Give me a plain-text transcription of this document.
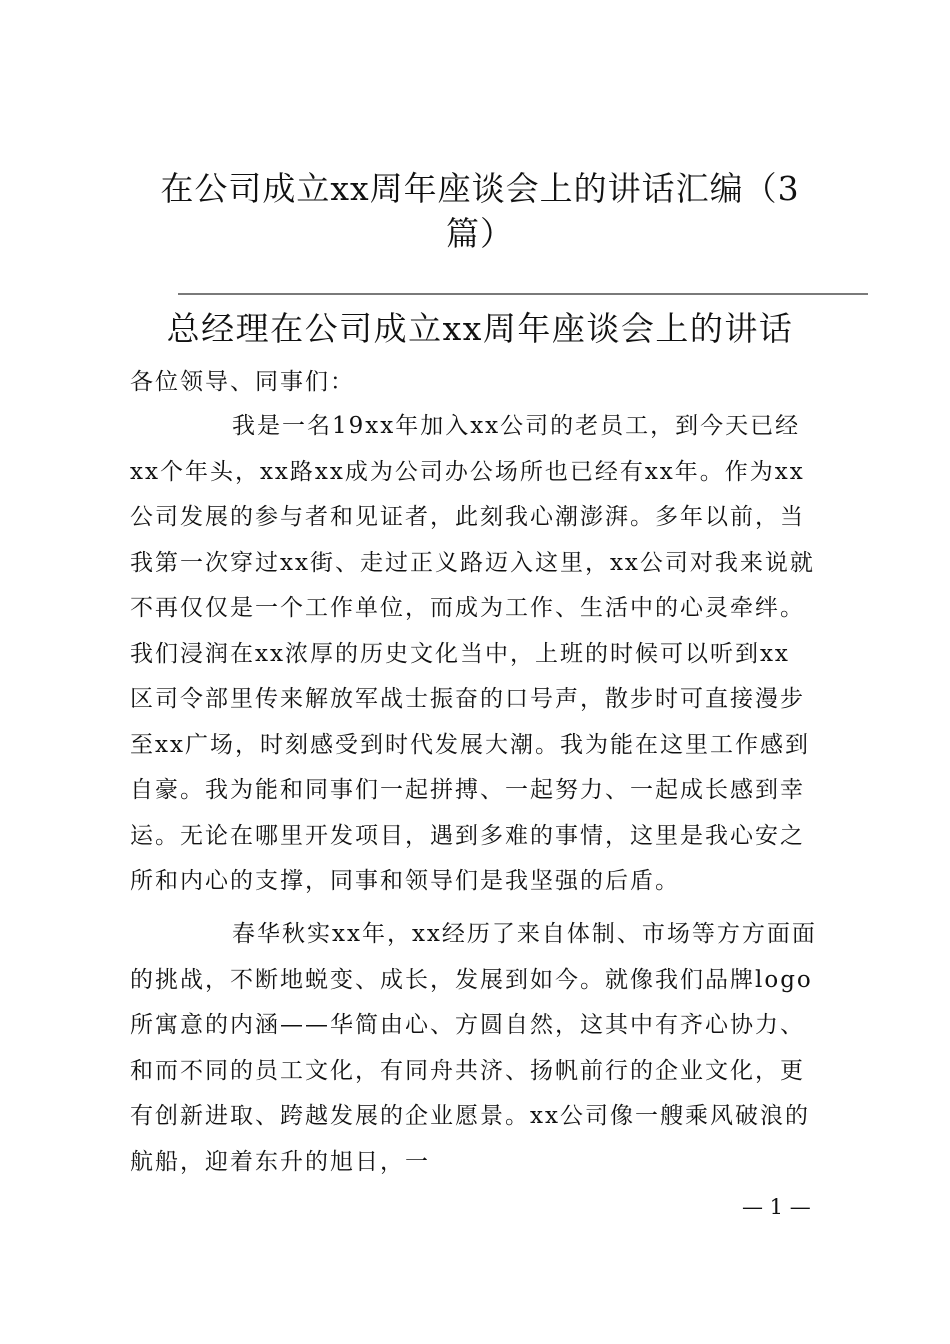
在公司成立xx周年座谈会上的讲话汇编（3
篇）
总经理在公司成立xx周年座谈会上的讲话
各位领导、同事们：
我是一名19xx年加入xx公司的老员工，到今天已经
xx个年头，xx路xx成为公司办公场所也已经有xx年。作为xx
公司发展的参与者和见证者，此刻我心潮澎湃。多年以前，当
我第一次穿过xx街、走过正义路迈入这里，xx公司对我来说就
不再仅仅是一个工作单位，而成为工作、生活中的心灵牵绊。
我们浸润在xx浓厚的历史文化当中，上班的时候可以听到xx
区司令部里传来解放军战士振奋的口号声，散步时可直接漫步
至xx广场，时刻感受到时代发展大潮。我为能在这里工作感到
自豪。我为能和同事们一起拼搏、一起努力、一起成长感到幸
运。无论在哪里开发项目，遇到多难的事情，这里是我心安之
所和内心的支撑，同事和领导们是我坚强的后盾。
春华秋实xx年，xx经历了来自体制、市场等方方面面
的挑战，不断地蜕变、成长，发展到如今。就像我们品牌logo
所寓意的内涵——华简由心、方圆自然，这其中有齐心协力、
和而不同的员工文化，有同舟共济、扬帆前行的企业文化，更
有创新进取、跨越发展的企业愿景。xx公司像一艘乘风破浪的
航船，迎着东升的旭日，一
— 1 —
